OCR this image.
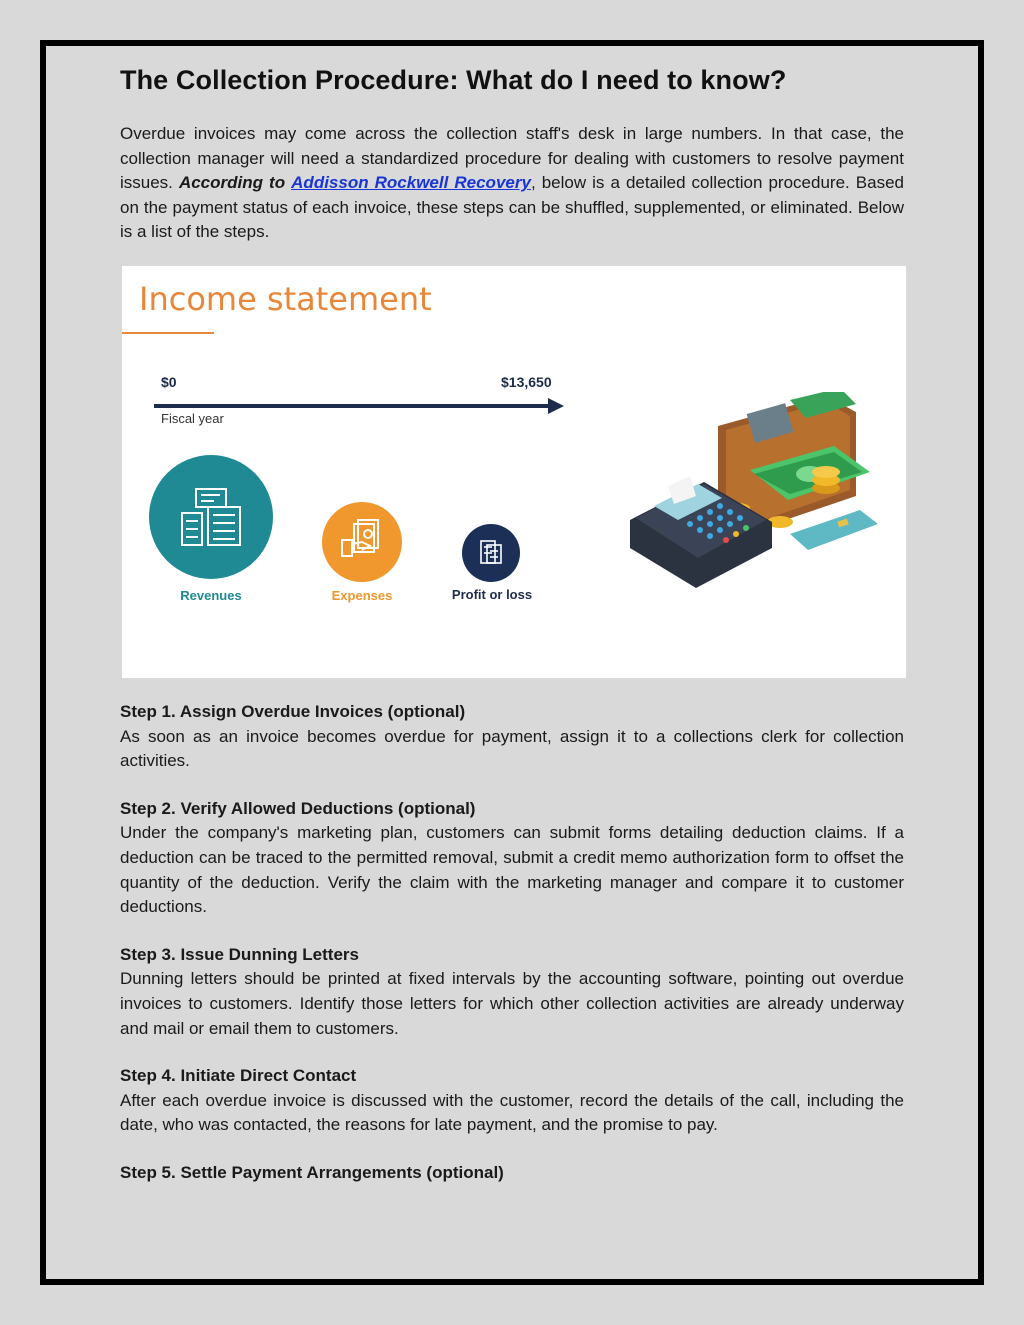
The Collection Procedure: What do I need to know?

Overdue invoices may come across the collection staff's desk in large numbers. In that case, the collection manager will need a standardized procedure for dealing with customers to resolve payment issues. According to Addisson Rockwell Recovery, below is a detailed collection procedure. Based on the payment status of each invoice, these steps can be shuffled, supplemented, or eliminated. Below is a list of the steps.

Income statement
$0	$13,650
Fiscal year
Revenues	Expenses	Profit or loss
Step 1. Assign Overdue Invoices (optional)
As soon as an invoice becomes overdue for payment, assign it to a collections clerk for collection activities.
Step 2. Verify Allowed Deductions (optional)
Under the company's marketing plan, customers can submit forms detailing deduction claims. If a deduction can be traced to the permitted removal, submit a credit memo authorization form to offset the quantity of the deduction. Verify the claim with the marketing manager and compare it to customer deductions.
Step 3. Issue Dunning Letters
Dunning letters should be printed at fixed intervals by the accounting software, pointing out overdue invoices to customers. Identify those letters for which other collection activities are already underway and mail or email them to customers.
Step 4. Initiate Direct Contact
After each overdue invoice is discussed with the customer, record the details of the call, including the date, who was contacted, the reasons for late payment, and the promise to pay.
Step 5. Settle Payment Arrangements (optional)
